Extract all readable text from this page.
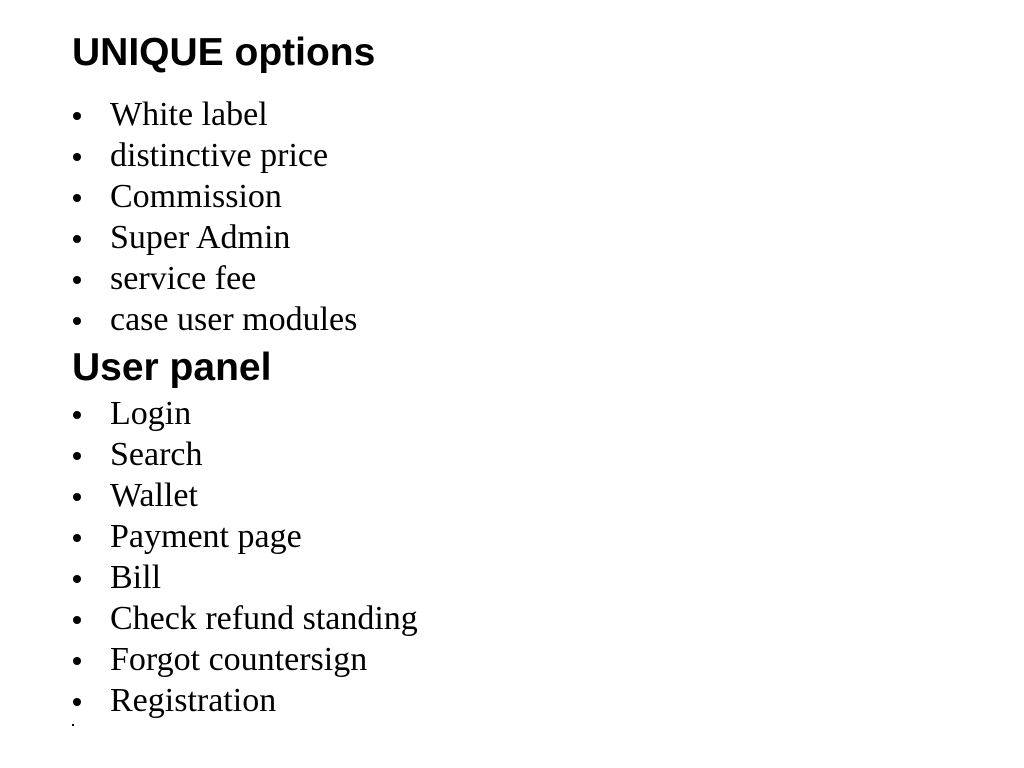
UNIQUE options
White label
distinctive price
Commission
Super Admin
service fee
case user modules
User panel
Login
Search
Wallet
Payment page
Bill
Check refund standing
Forgot countersign
Registration
